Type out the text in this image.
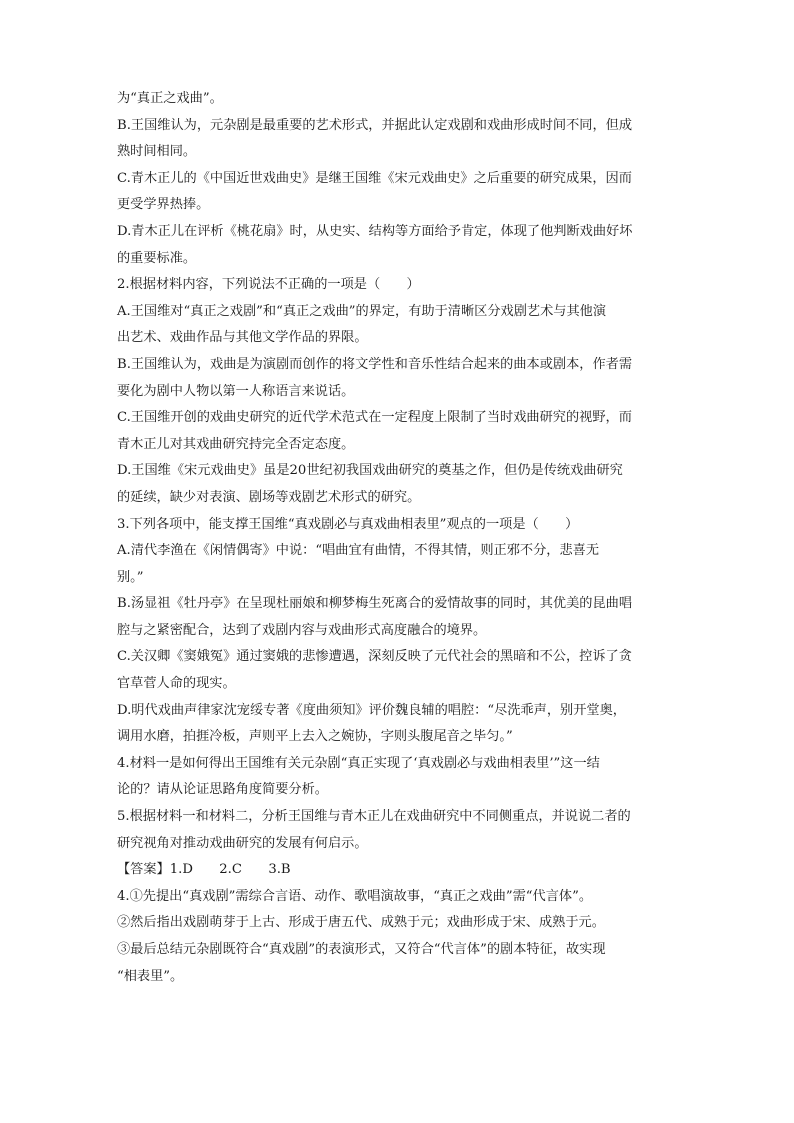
为“真正之戏曲”。
B.王国维认为，元杂剧是最重要的艺术形式，并据此认定戏剧和戏曲形成时间不同，但成
熟时间相同。
C.青木正儿的《中国近世戏曲史》是继王国维《宋元戏曲史》之后重要的研究成果，因而
更受学界热捧。
D.青木正儿在评析《桃花扇》时，从史实、结构等方面给予肯定，体现了他判断戏曲好坏
的重要标准。
2.根据材料内容，下列说法不正确的一项是（　　）
A.王国维对“真正之戏剧”和“真正之戏曲”的界定，有助于清晰区分戏剧艺术与其他演
出艺术、戏曲作品与其他文学作品的界限。
B.王国维认为，戏曲是为演剧而创作的将文学性和音乐性结合起来的曲本或剧本，作者需
要化为剧中人物以第一人称语言来说话。
C.王国维开创的戏曲史研究的近代学术范式在一定程度上限制了当时戏曲研究的视野，而
青木正儿对其戏曲研究持完全否定态度。
D.王国维《宋元戏曲史》虽是20世纪初我国戏曲研究的奠基之作，但仍是传统戏曲研究
的延续，缺少对表演、剧场等戏剧艺术形式的研究。
3.下列各项中，能支撑王国维“真戏剧必与真戏曲相表里”观点的一项是（　　）
A.清代李渔在《闲情偶寄》中说：“唱曲宜有曲情，不得其情，则正邪不分，悲喜无
别。”
B.汤显祖《牡丹亭》在呈现杜丽娘和柳梦梅生死离合的爱情故事的同时，其优美的昆曲唱
腔与之紧密配合，达到了戏剧内容与戏曲形式高度融合的境界。
C.关汉卿《窦娥冤》通过窦娥的悲惨遭遇，深刻反映了元代社会的黑暗和不公，控诉了贪
官草菅人命的现实。
D.明代戏曲声律家沈宠绥专著《度曲须知》评价魏良辅的唱腔：“尽洗乖声，别开堂奥，
调用水磨，拍捱冷板，声则平上去入之婉协，字则头腹尾音之毕匀。”
4.材料一是如何得出王国维有关元杂剧“真正实现了‘真戏剧必与戏曲相表里’”这一结
论的？请从论证思路角度简要分析。
5.根据材料一和材料二，分析王国维与青木正儿在戏曲研究中不同侧重点，并说说二者的
研究视角对推动戏曲研究的发展有何启示。
【答案】1.D　　2.C　　3.B
4.①先提出“真戏剧”需综合言语、动作、歌唱演故事，“真正之戏曲”需“代言体”。
②然后指出戏剧萌芽于上古、形成于唐五代、成熟于元；戏曲形成于宋、成熟于元。
③最后总结元杂剧既符合“真戏剧”的表演形式，又符合“代言体”的剧本特征，故实现
“相表里”。
